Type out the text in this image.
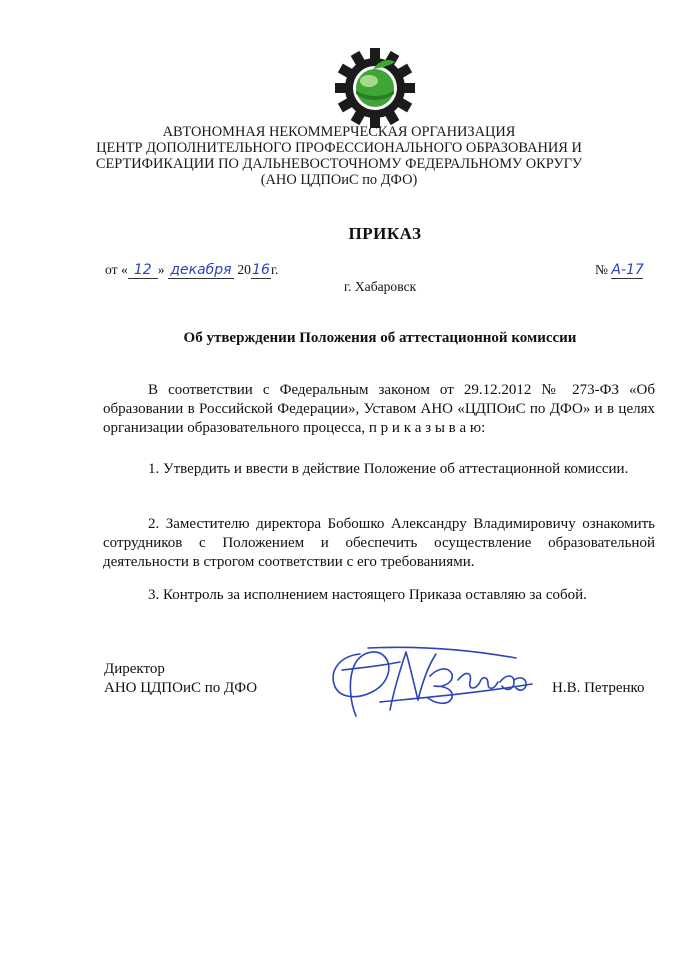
АВТОНОМНАЯ НЕКОММЕРЧЕСКАЯ ОРГАНИЗАЦИЯ
ЦЕНТР ДОПОЛНИТЕЛЬНОГО ПРОФЕССИОНАЛЬНОГО ОБРАЗОВАНИЯ И
СЕРТИФИКАЦИИ ПО ДАЛЬНЕВОСТОЧНОМУ ФЕДЕРАЛЬНОМУ ОКРУГУ
(АНО ЦДПОиС по ДФО)
ПРИКАЗ
от « 12 » декабря 2016г.	№ А-17
г. Хабаровск
Об утверждении Положения об аттестационной комиссии
В соответствии с Федеральным законом от 29.12.2012 № 273-ФЗ «Об образовании в Российской Федерации», Уставом АНО «ЦДПОиС по ДФО» и в целях организации образовательного процесса, п р и к а з ы в а ю:
1. Утвердить и ввести в действие Положение об аттестационной комиссии.
2. Заместителю директора Бобошко Александру Владимировичу ознакомить сотрудников с Положением и обеспечить осуществление образовательной деятельности в строгом соответствии с его требованиями.
3. Контроль за исполнением настоящего Приказа оставляю за собой.
Директор
АНО ЦДПОиС по ДФО	Н.В. Петренко
